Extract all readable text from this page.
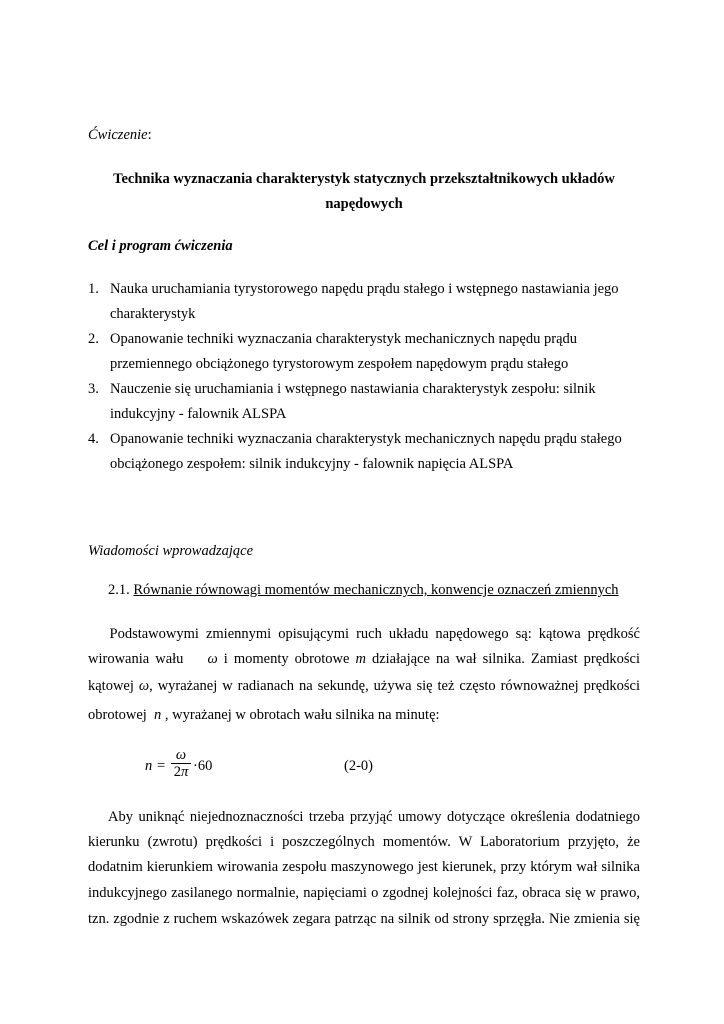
Ćwiczenie:
Technika wyznaczania charakterystyk statycznych przekształtnikowych układów
napędowych
Cel i program ćwiczenia
1. Nauka uruchamiania tyrystorowego napędu prądu stałego i wstępnego nastawiania jego
charakterystyk
2. Opanowanie techniki wyznaczania charakterystyk mechanicznych napędu prądu
przemiennego obciążonego tyrystorowym zespołem napędowym prądu stałego
3. Nauczenie się uruchamiania i wstępnego nastawiania charakterystyk zespołu: silnik
indukcyjny - falownik ALSPA
4. Opanowanie techniki wyznaczania charakterystyk mechanicznych napędu prądu stałego
obciążonego zespołem: silnik indukcyjny - falownik napięcia ALSPA
Wiadomości wprowadzające
2.1. Równanie równowagi momentów mechanicznych, konwencje oznaczeń zmiennych
  Podstawowymi zmiennymi opisującymi ruch układu napędowego są: kątowa prędkość
wirowania wału ω i momenty obrotowe m działające na wał silnika. Zamiast prędkości
kątowej ω, wyrażanej w radianach na sekundę, używa się też często równoważnej prędkości
obrotowej n , wyrażanej w obrotach wału silnika na minutę:
n =
ω
2π ·60	(2-0)
  Aby uniknąć niejednoznaczności trzeba przyjąć umowy dotyczące określenia dodatniego
kierunku (zwrotu) prędkości i poszczególnych momentów. W Laboratorium przyjęto, że
dodatnim kierunkiem wirowania zespołu maszynowego jest kierunek, przy którym wał silnika
indukcyjnego zasilanego normalnie, napięciami o zgodnej kolejności faz, obraca się w prawo,
tzn. zgodnie z ruchem wskazówek zegara patrząc na silnik od strony sprzęgła. Nie zmienia się
